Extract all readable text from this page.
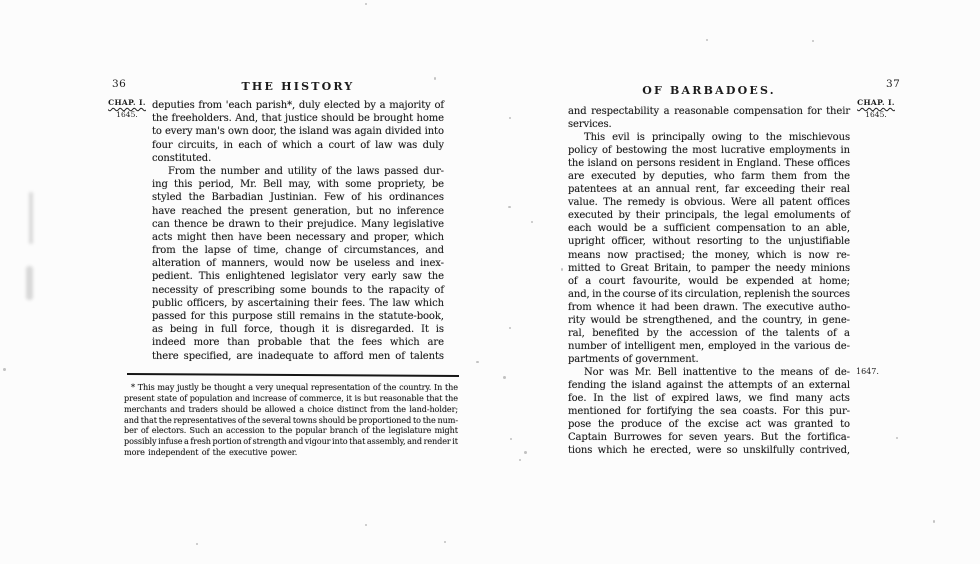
36	THE HISTORY
CHAP. I.
1645.
deputies from 'each parish*, duly elected by a majority of
the freeholders. And, that justice should be brought home
to every man's own door, the island was again divided into
four circuits, in each of which a court of law was duly
constituted.
From the number and utility of the laws passed dur-
ing this period, Mr. Bell may, with some propriety, be
styled the Barbadian Justinian. Few of his ordinances
have reached the present generation, but no inference
can thence be drawn to their prejudice. Many legislative
acts might then have been necessary and proper, which
from the lapse of time, change of circumstances, and
alteration of manners, would now be useless and inex-
pedient. This enlightened legislator very early saw the
necessity of prescribing some bounds to the rapacity of
public officers, by ascertaining their fees. The law which
passed for this purpose still remains in the statute-book,
as being in full force, though it is disregarded. It is
indeed more than probable that the fees which are
there specified, are inadequate to afford men of talents
* This may justly be thought a very unequal representation of the country. In the
present state of population and increase of commerce, it is but reasonable that the
merchants and traders should be allowed a choice distinct from the land-holder;
and that the representatives of the several towns should be proportioned to the num-
ber of electors. Such an accession to the popular branch of the legislature might
possibly infuse a fresh portion of strength and vigour into that assembly, and render it
more independent of the executive power.
OF BARBADOES.	37
CHAP. I.
1645.
and respectability a reasonable compensation for their
services.
This evil is principally owing to the mischievous
policy of bestowing the most lucrative employments in
the island on persons resident in England. These offices
are executed by deputies, who farm them from the
patentees at an annual rent, far exceeding their real
value. The remedy is obvious. Were all patent offices
executed by their principals, the legal emoluments of
each would be a sufficient compensation to an able,
upright officer, without resorting to the unjustifiable
means now practised; the money, which is now re-
mitted to Great Britain, to pamper the needy minions
of a court favourite, would be expended at home;
and, in the course of its circulation, replenish the sources
from whence it had been drawn. The executive autho-
rity would be strengthened, and the country, in gene-
ral, benefited by the accession of the talents of a
number of intelligent men, employed in the various de-
partments of government.
Nor was Mr. Bell inattentive to the means of de-
fending the island against the attempts of an external
foe. In the list of expired laws, we find many acts
mentioned for fortifying the sea coasts. For this pur-
pose the produce of the excise act was granted to
Captain Burrowes for seven years. But the fortifica-
tions which he erected, were so unskilfully contrived,
1647.
